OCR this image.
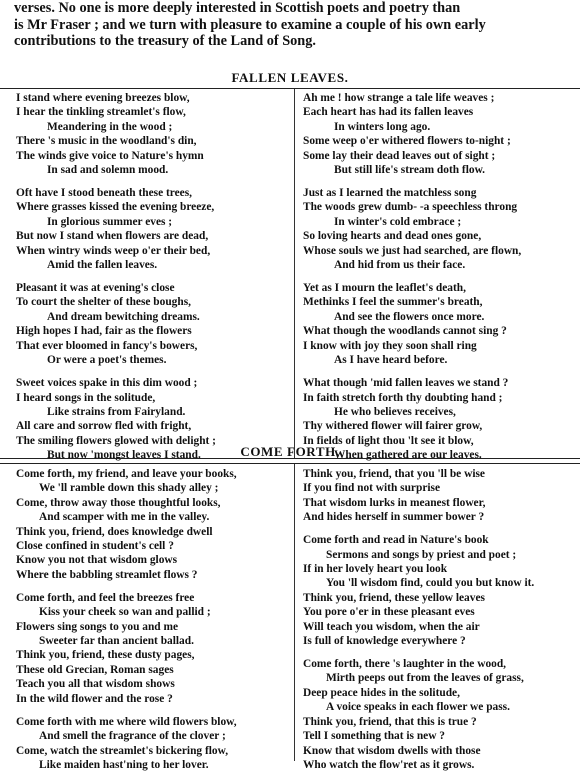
verses. No one is more deeply interested in Scottish poets and poetry than
is Mr Fraser ; and we turn with pleasure to examine a couple of his own early
contributions to the treasury of the Land of Song.
FALLEN LEAVES.
I stand where evening breezes blow,
I hear the tinkling streamlet's flow,
Meandering in the wood ;
There 's music in the woodland's din,
The winds give voice to Nature's hymn
In sad and solemn mood.
Oft have I stood beneath these trees,
Where grasses kissed the evening breeze,
In glorious summer eves ;
But now I stand when flowers are dead,
When wintry winds weep o'er their bed,
Amid the fallen leaves.
Pleasant it was at evening's close
To court the shelter of these boughs,
And dream bewitching dreams.
High hopes I had, fair as the flowers
That ever bloomed in fancy's bowers,
Or were a poet's themes.
Sweet voices spake in this dim wood ;
I heard songs in the solitude,
Like strains from Fairyland.
All care and sorrow fled with fright,
The smiling flowers glowed with delight ;
But now 'mongst leaves I stand.
Ah me ! how strange a tale life weaves ;
Each heart has had its fallen leaves
In winters long ago.
Some weep o'er withered flowers to-night ;
Some lay their dead leaves out of sight ;
But still life's stream doth flow.
Just as I learned the matchless song
The woods grew dumb- -a speechless throng
In winter's cold embrace ;
So loving hearts and dead ones gone,
Whose souls we just had searched, are flown,
And hid from us their face.
Yet as I mourn the leaflet's death,
Methinks I feel the summer's breath,
And see the flowers once more.
What though the woodlands cannot sing ?
I know with joy they soon shall ring
As I have heard before.
What though 'mid fallen leaves we stand ?
In faith stretch forth thy doubting hand ;
He who believes receives,
Thy withered flower will fairer grow,
In fields of light thou 'lt see it blow,
When gathered are our leaves.
COME FORTH.
Come forth, my friend, and leave your books,
We 'll ramble down this shady alley ;
Come, throw away those thoughtful looks,
And scamper with me in the valley.
Think you, friend, does knowledge dwell
Close confined in student's cell ?
Know you not that wisdom glows
Where the babbling streamlet flows ?
Come forth, and feel the breezes free
Kiss your cheek so wan and pallid ;
Flowers sing songs to you and me
Sweeter far than ancient ballad.
Think you, friend, these dusty pages,
These old Grecian, Roman sages
Teach you all that wisdom shows
In the wild flower and the rose ?
Come forth with me where wild flowers blow,
And smell the fragrance of the clover ;
Come, watch the streamlet's bickering flow,
Like maiden hast'ning to her lover.
Think you, friend, that you 'll be wise
If you find not with surprise
That wisdom lurks in meanest flower,
And hides herself in summer bower ?
Come forth and read in Nature's book
Sermons and songs by priest and poet ;
If in her lovely heart you look
You 'll wisdom find, could you but know it.
Think you, friend, these yellow leaves
You pore o'er in these pleasant eves
Will teach you wisdom, when the air
Is full of knowledge everywhere ?
Come forth, there 's laughter in the wood,
Mirth peeps out from the leaves of grass,
Deep peace hides in the solitude,
A voice speaks in each flower we pass.
Think you, friend, that this is true ?
Tell I something that is new ?
Know that wisdom dwells with those
Who watch the flow'ret as it grows.
